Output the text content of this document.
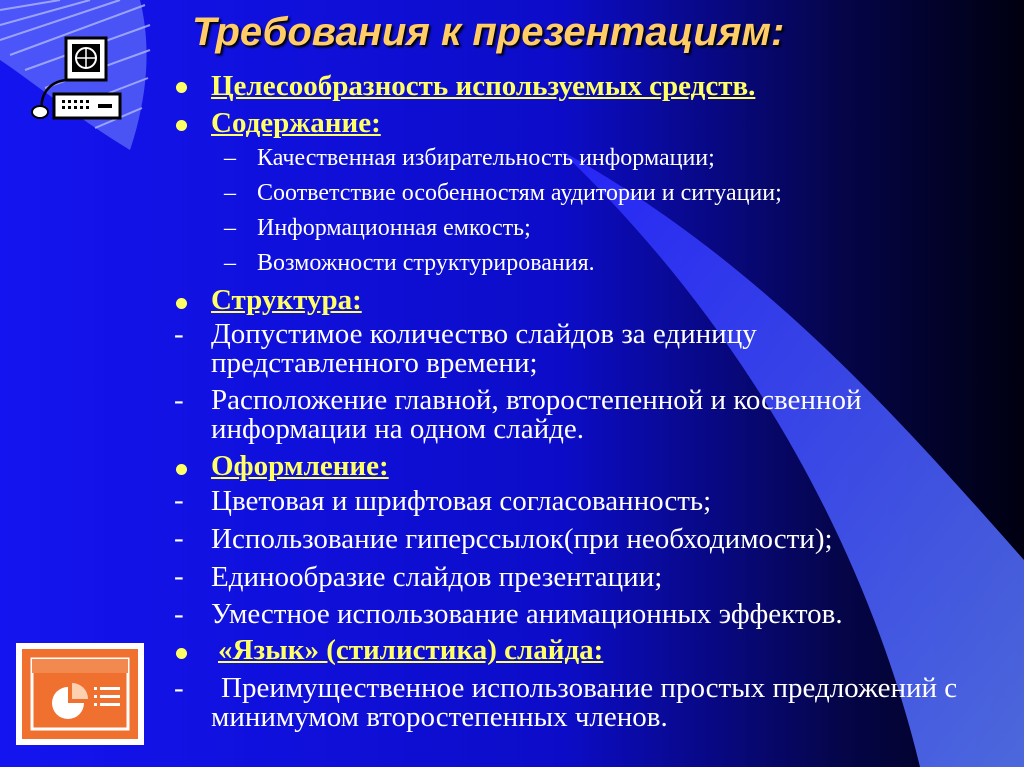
Требования к презентациям:

Целесообразность используемых средств.

Содержание:

– Качественная избирательность информации;

– Соответствие особенностям аудитории и ситуации;

– Информационная емкость;

– Возможности структурирования.

Структура:

- Допустимое количество слайдов за единицу представленного времени;

- Расположение главной, второстепенной и косвенной информации на одном слайде.

Оформление:

- Цветовая и шрифтовая согласованность;

- Использование гиперссылок(при необходимости);

- Единообразие слайдов презентации;

- Уместное использование анимационных эффектов.

«Язык» (стилистика) слайда:

-	Преимущественное использование простых предложений с минимумом второстепенных членов.
